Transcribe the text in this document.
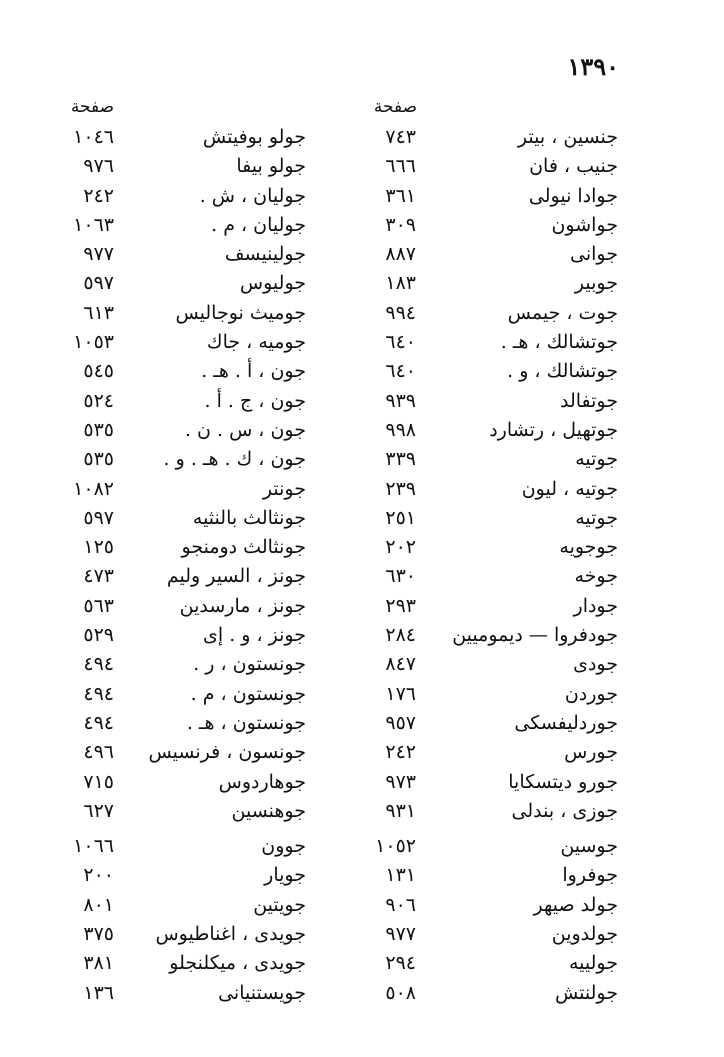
١٣٩٠
صفحة
صفحة
جنسين ، بيتر
٧٤٣
جولو بوفيتش
١٠٤٦
جنيب ، فان
٦٦٦
جولو بيفا
٩٧٦
جوادا نيولى
٣٦١
جوليان ، ش .
٢٤٢
جواشون
٣٠٩
جوليان ، م .
١٠٦٣
جوانى
٨٨٧
جولينيسف
٩٧٧
جوبير
١٨٣
جوليوس
٥٩٧
جوت ، جيمس
٩٩٤
جوميث نوجاليس
٦١٣
جوتشالك ، هـ .
٦٤٠
جوميه ، جاك
١٠٥٣
جوتشالك ، و .
٦٤٠
جون ، أ . هـ .
٥٤٥
جوتفالد
٩٣٩
جون ، ج . أ .
٥٢٤
جوتهيل ، رتشارد
٩٩٨
جون ، س . ن .
٥٣٥
جوتيه
٣٣٩
جون ، ك . هـ . و .
٥٣٥
جوتيه ، ليون
٢٣٩
جونتر
١٠٨٢
جوتيه
٢٥١
جونثالث بالنثيه
٥٩٧
جوجويه
٢٠٢
جونثالث دومنجو
١٢٥
جوخه
٦٣٠
جونز ، السير وليم
٤٧٣
جودار
٢٩٣
جونز ، مارسدين
٥٦٣
جودفروا — ديموميين
٢٨٤
جونز ، و . إى
٥٢٩
جودى
٨٤٧
جونستون ، ر .
٤٩٤
جوردن
١٧٦
جونستون ، م .
٤٩٤
جوردليفسكى
٩٥٧
جونستون ، هـ .
٤٩٤
جورس
٢٤٢
جونسون ، فرنسيس
٤٩٦
جورو ديتسكايا
٩٧٣
جوهاردوس
٧١٥
جوزى ، بندلى
٩٣١
جوهنسين
٦٢٧
جوسين
١٠٥٢
جوون
١٠٦٦
جوفروا
١٣١
جويار
٢٠٠
جولد صيهر
٩٠٦
جويتين
٨٠١
جولدوين
٩٧٧
جويدى ، اغناطيوس
٣٧٥
جولييه
٢٩٤
جويدى ، ميكلنجلو
٣٨١
جولنتش
٥٠٨
جويستنيانى
١٣٦
